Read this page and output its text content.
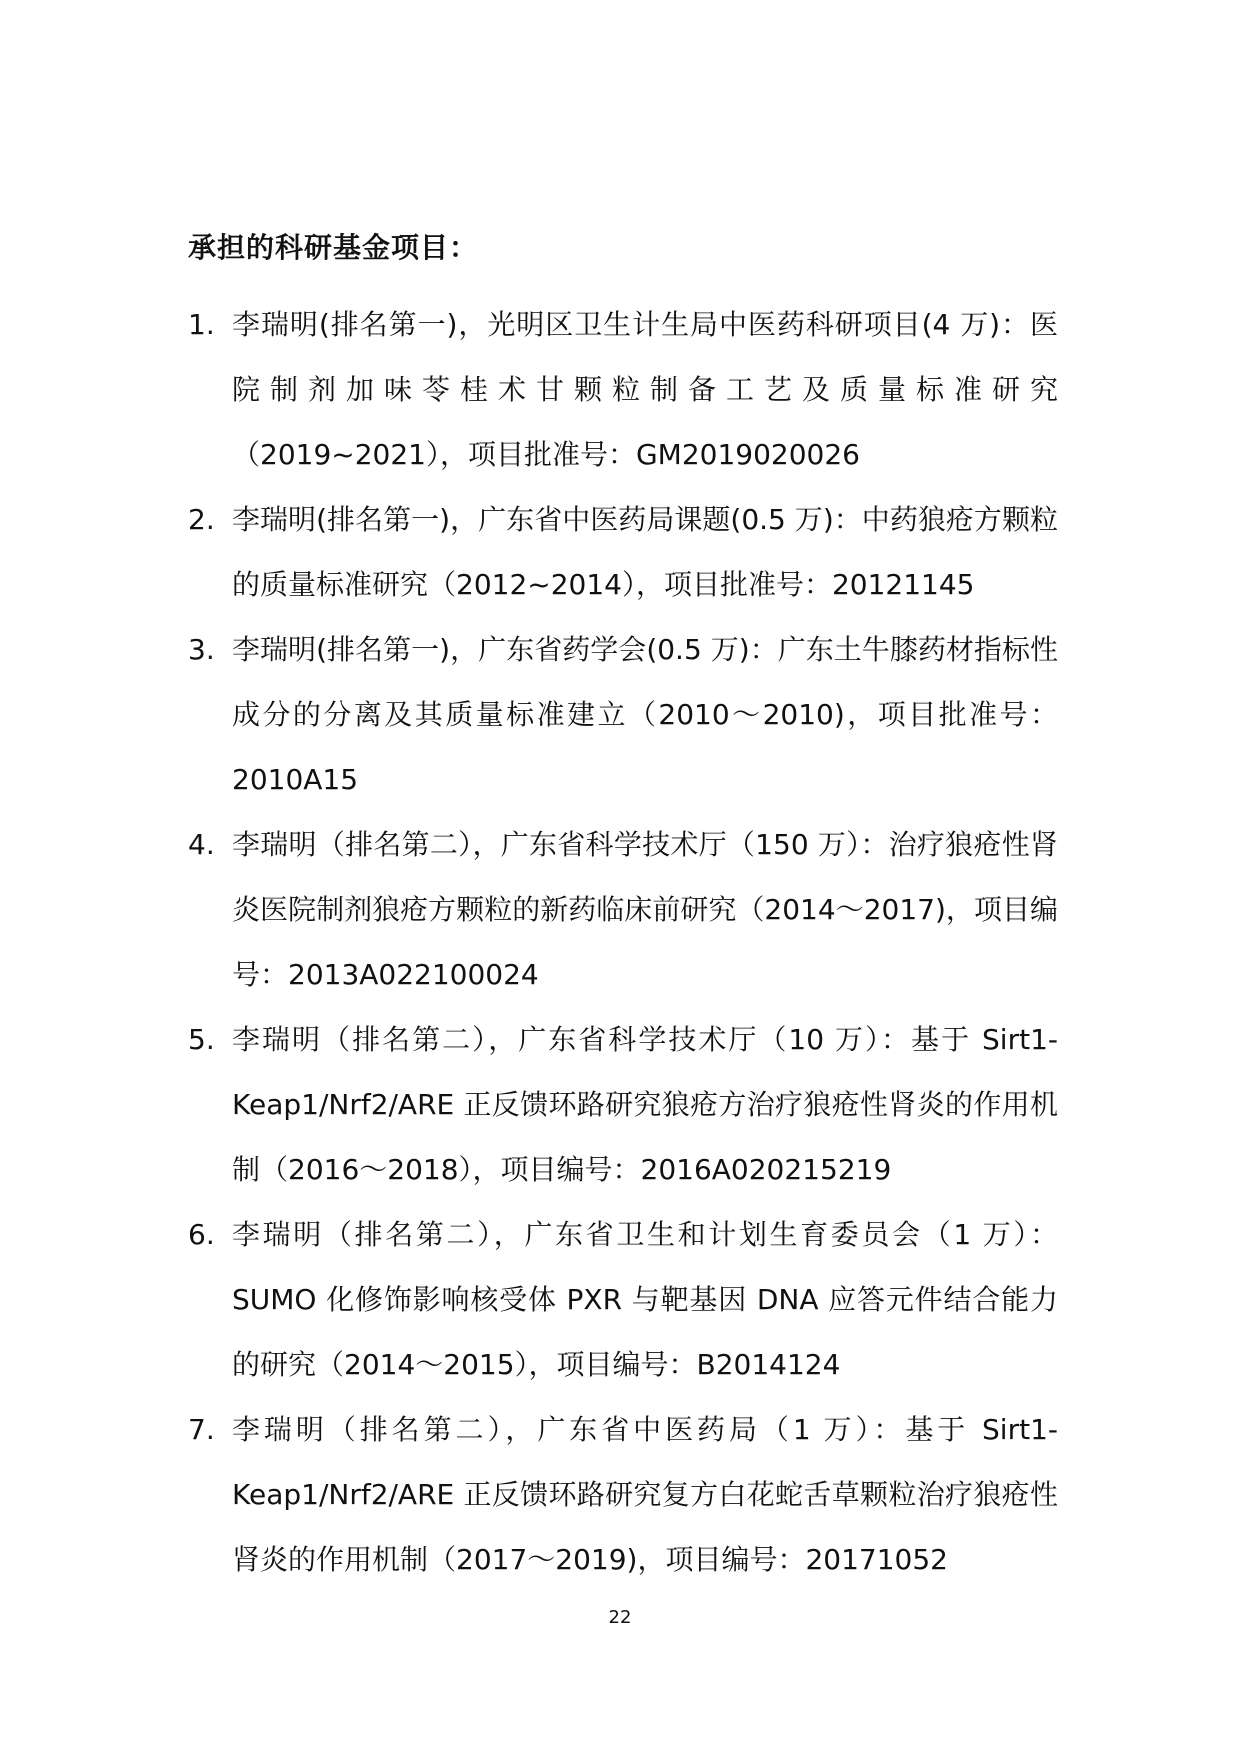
承担的科研基金项目：
1. 李瑞明(排名第一)，光明区卫生计生局中医药科研项目(4 万)：医院制剂加味苓桂术甘颗粒制备工艺及质量标准研究（2019~2021），项目批准号：GM2019020026
2. 李瑞明(排名第一)，广东省中医药局课题(0.5 万)：中药狼疮方颗粒的质量标准研究（2012~2014），项目批准号：20121145
3. 李瑞明(排名第一)，广东省药学会(0.5 万)：广东土牛膝药材指标性成分的分离及其质量标准建立（2010～2010)，项目批准号：2010A15
4. 李瑞明（排名第二），广东省科学技术厅（150 万）：治疗狼疮性肾炎医院制剂狼疮方颗粒的新药临床前研究（2014～2017)，项目编号：2013A022100024
5. 李瑞明（排名第二），广东省科学技术厅（10 万）：基于 Sirt1-Keap1/Nrf2/ARE 正反馈环路研究狼疮方治疗狼疮性肾炎的作用机制（2016～2018），项目编号：2016A020215219
6. 李瑞明（排名第二），广东省卫生和计划生育委员会（1 万）：SUMO 化修饰影响核受体 PXR 与靶基因 DNA 应答元件结合能力的研究（2014～2015），项目编号：B2014124
7. 李瑞明（排名第二），广东省中医药局（1 万）：基于 Sirt1-Keap1/Nrf2/ARE 正反馈环路研究复方白花蛇舌草颗粒治疗狼疮性肾炎的作用机制（2017～2019)，项目编号：20171052
22
